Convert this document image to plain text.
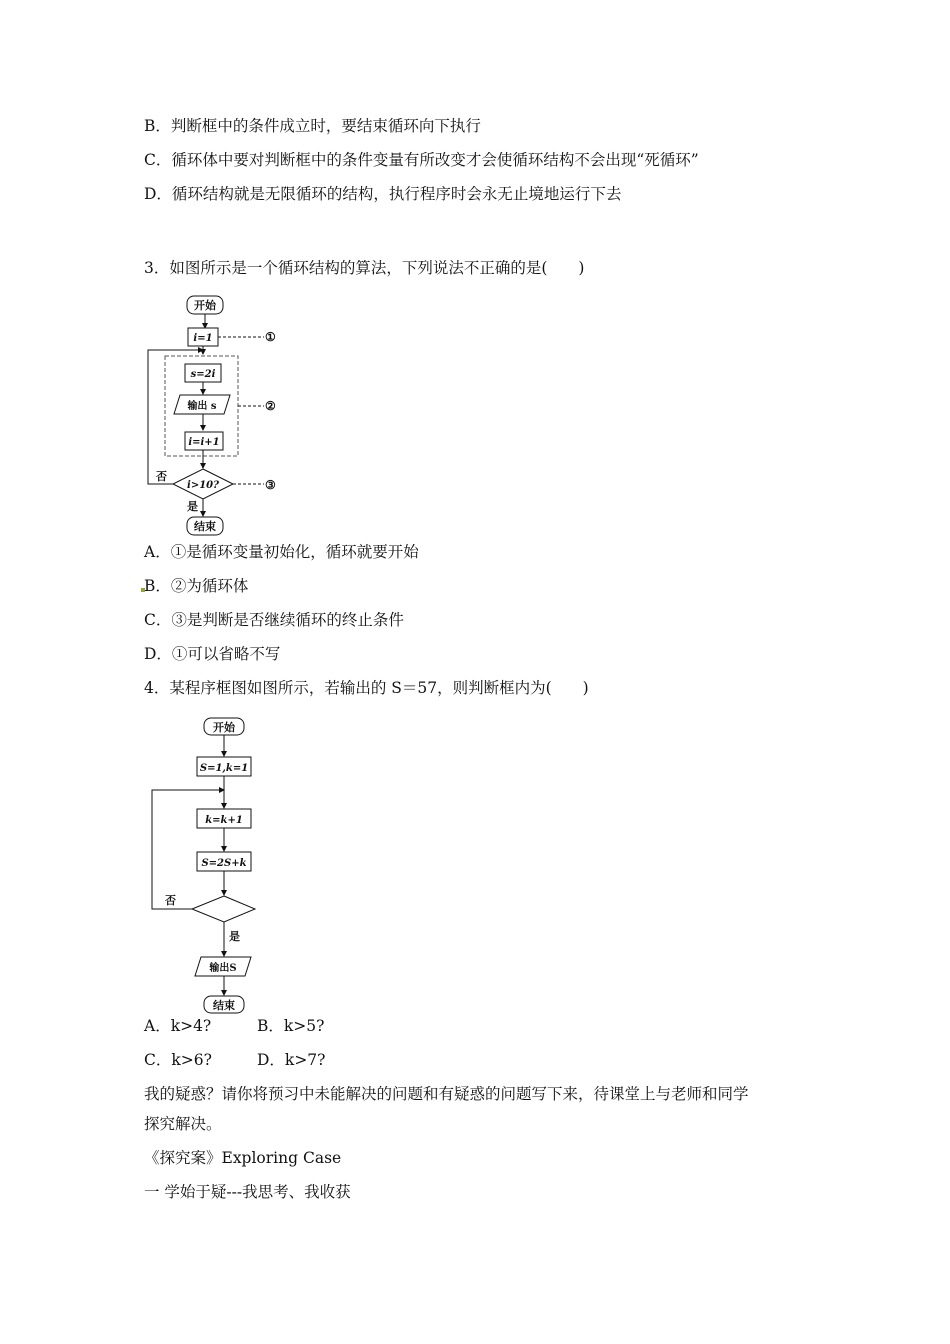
B．判断框中的条件成立时，要结束循环向下执行
C．循环体中要对判断框中的条件变量有所改变才会使循环结构不会出现“死循环”
D．循环结构就是无限循环的结构，执行程序时会永无止境地运行下去
3．如图所示是一个循环结构的算法，下列说法不正确的是(　　)
开始
i=1	①
②
s=2i
输出 s
i=i+1
i>10?	③
否
是
结束
A．①是循环变量初始化，循环就要开始
B．②为循环体
C．③是判断是否继续循环的终止条件
D．①可以省略不写
4．某程序框图如图所示，若输出的 S＝57，则判断框内为(　　)
开始
S=1,k=1
k=k+1
S=2S+k
否
是
输出S
结束
A．k>4?	B．k>5?
C．k>6?	D．k>7?
我的疑惑？请你将预习中未能解决的问题和有疑惑的问题写下来，待课堂上与老师和同学
探究解决。
《探究案》Exploring Case
一 学始于疑---我思考、我收获
